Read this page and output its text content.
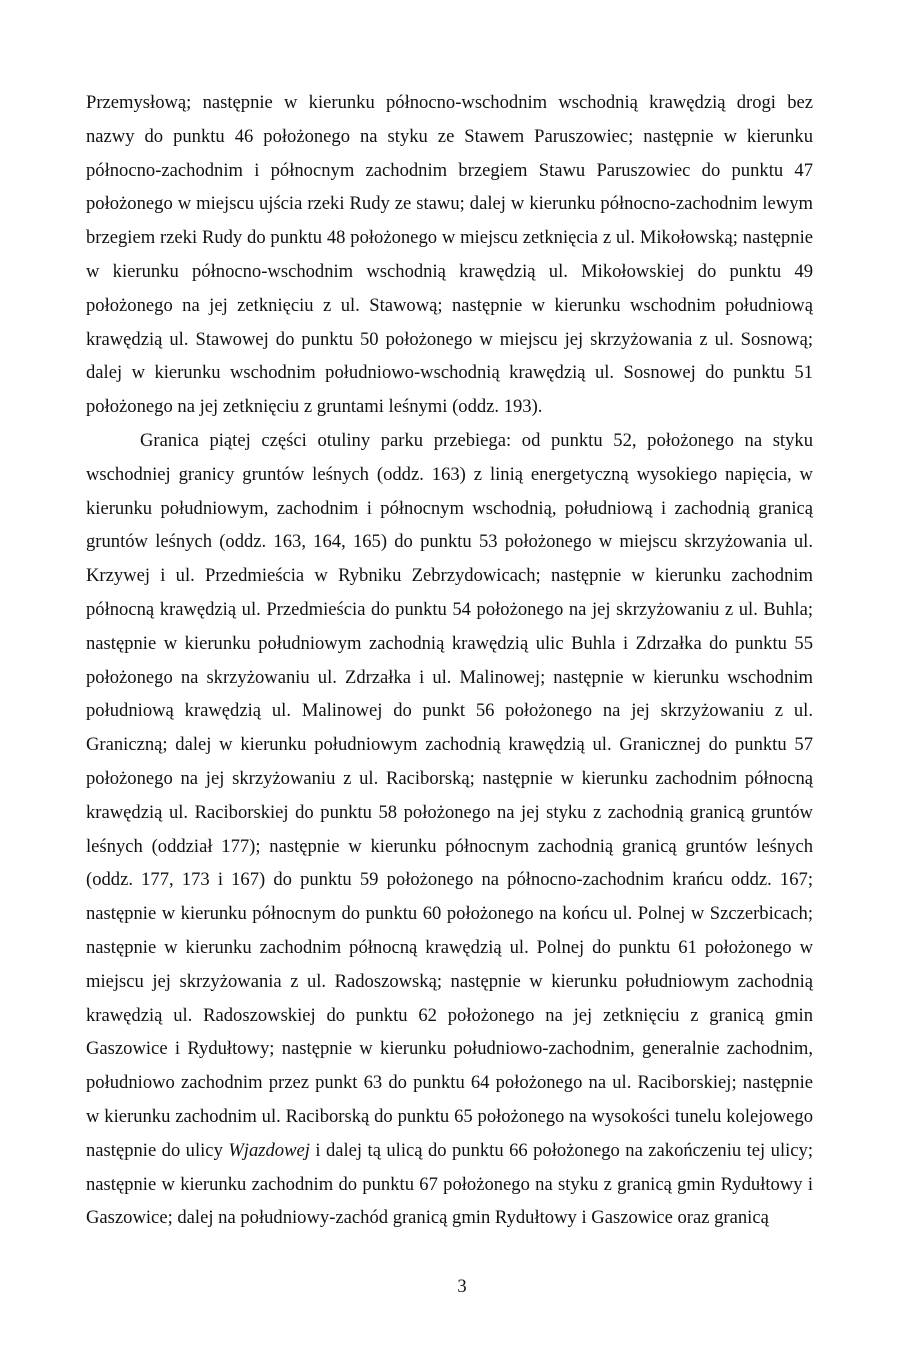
Przemysłową; następnie w kierunku północno-wschodnim wschodnią krawędzią drogi bez nazwy do punktu 46 położonego na styku ze Stawem Paruszowiec; następnie w kierunku północno-zachodnim i północnym zachodnim brzegiem Stawu Paruszowiec do punktu 47 położonego w miejscu ujścia rzeki Rudy ze stawu; dalej w kierunku północno-zachodnim lewym brzegiem rzeki Rudy do punktu 48 położonego w miejscu zetknięcia z ul. Mikołowską; następnie w kierunku północno-wschodnim wschodnią krawędzią ul. Mikołowskiej do punktu 49 położonego na jej zetknięciu z ul. Stawową; następnie w kierunku wschodnim południową krawędzią ul. Stawowej do punktu 50 położonego w miejscu jej skrzyżowania z ul. Sosnową; dalej w kierunku wschodnim południowo-wschodnią krawędzią ul. Sosnowej do punktu 51 położonego na jej zetknięciu z gruntami leśnymi (oddz. 193).

Granica piątej części otuliny parku przebiega: od punktu 52, położonego na styku wschodniej granicy gruntów leśnych (oddz. 163) z linią energetyczną wysokiego napięcia, w kierunku południowym, zachodnim i północnym wschodnią, południową i zachodnią granicą gruntów leśnych (oddz. 163, 164, 165) do punktu 53 położonego w miejscu skrzyżowania ul. Krzywej i ul. Przedmieścia w Rybniku Zebrzydowicach; następnie w kierunku zachodnim północną krawędzią ul. Przedmieścia do punktu 54 położonego na jej skrzyżowaniu z ul. Buhla; następnie w kierunku południowym zachodnią krawędzią ulic Buhla i Zdrzałka do punktu 55 położonego na skrzyżowaniu ul. Zdrzałka i ul. Malinowej; następnie w kierunku wschodnim południową krawędzią ul. Malinowej do punkt 56 położonego na jej skrzyżowaniu z ul. Graniczną; dalej w kierunku południowym zachodnią krawędzią ul. Granicznej do punktu 57 położonego na jej skrzyżowaniu z ul. Raciborską; następnie w kierunku zachodnim północną krawędzią ul. Raciborskiej do punktu 58 położonego na jej styku z zachodnią granicą gruntów leśnych (oddział 177); następnie w kierunku północnym zachodnią granicą gruntów leśnych (oddz. 177, 173 i 167) do punktu 59 położonego na północno-zachodnim krańcu oddz. 167; następnie w kierunku północnym do punktu 60 położonego na końcu ul. Polnej w Szczerbicach; następnie w kierunku zachodnim północną krawędzią ul. Polnej do punktu 61 położonego w miejscu jej skrzyżowania z ul. Radoszowską; następnie w kierunku południowym zachodnią krawędzią ul. Radoszowskiej do punktu 62 położonego na jej zetknięciu z granicą gmin Gaszowice i Rydułtowy; następnie w kierunku południowo-zachodnim, generalnie zachodnim, południowo zachodnim przez punkt 63 do punktu 64 położonego na ul. Raciborskiej; następnie w kierunku zachodnim ul. Raciborską do punktu 65 położonego na wysokości tunelu kolejowego następnie do ulicy Wjazdowej i dalej tą ulicą do punktu 66 położonego na zakończeniu tej ulicy; następnie w kierunku zachodnim do punktu 67 położonego na styku z granicą gmin Rydułtowy i Gaszowice; dalej na południowy-zachód granicą gmin Rydułtowy i Gaszowice oraz granicą

3
